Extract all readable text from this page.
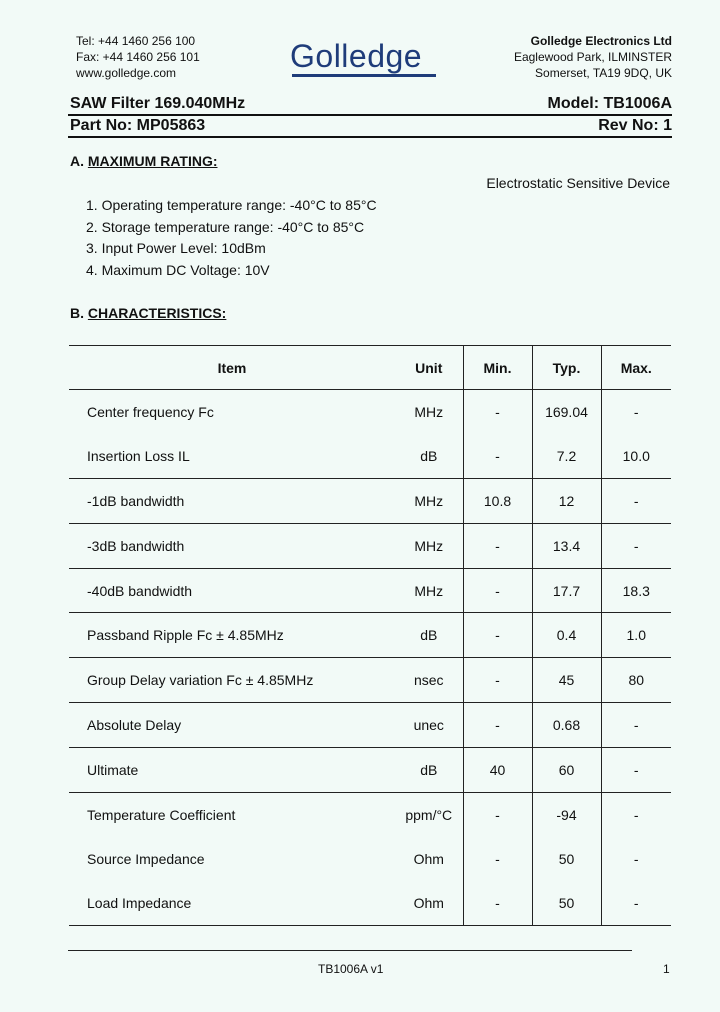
Tel: +44 1460 256 100
Fax: +44 1460 256 101
www.golledge.com	Golledge	Golledge Electronics Ltd
Eaglewood Park, ILMINSTER
Somerset, TA19 9DQ, UK
SAW Filter 169.040MHz	Model: TB1006A
Part No: MP05863	Rev No: 1
A. MAXIMUM RATING:
Electrostatic Sensitive Device
1. Operating temperature range: -40°C to 85°C
2. Storage temperature range: -40°C to 85°C
3. Input Power Level: 10dBm
4. Maximum DC Voltage: 10V
B. CHARACTERISTICS:
Item	Unit	Min.	Typ.	Max.
Center frequency Fc	MHz	-	169.04	-
Insertion Loss IL	dB	-	7.2	10.0
-1dB bandwidth	MHz	10.8	12	-
-3dB bandwidth	MHz	-	13.4	-
-40dB bandwidth	MHz	-	17.7	18.3
Passband Ripple Fc ± 4.85MHz	dB	-	0.4	1.0
Group Delay variation Fc ± 4.85MHz	nsec	-	45	80
Absolute Delay	unec	-	0.68	-
Ultimate	dB	40	60	-
Temperature Coefficient	ppm/°C	-	-94	-
Source Impedance	Ohm	-	50	-
Load Impedance	Ohm	-	50	-
TB1006A v1	1
